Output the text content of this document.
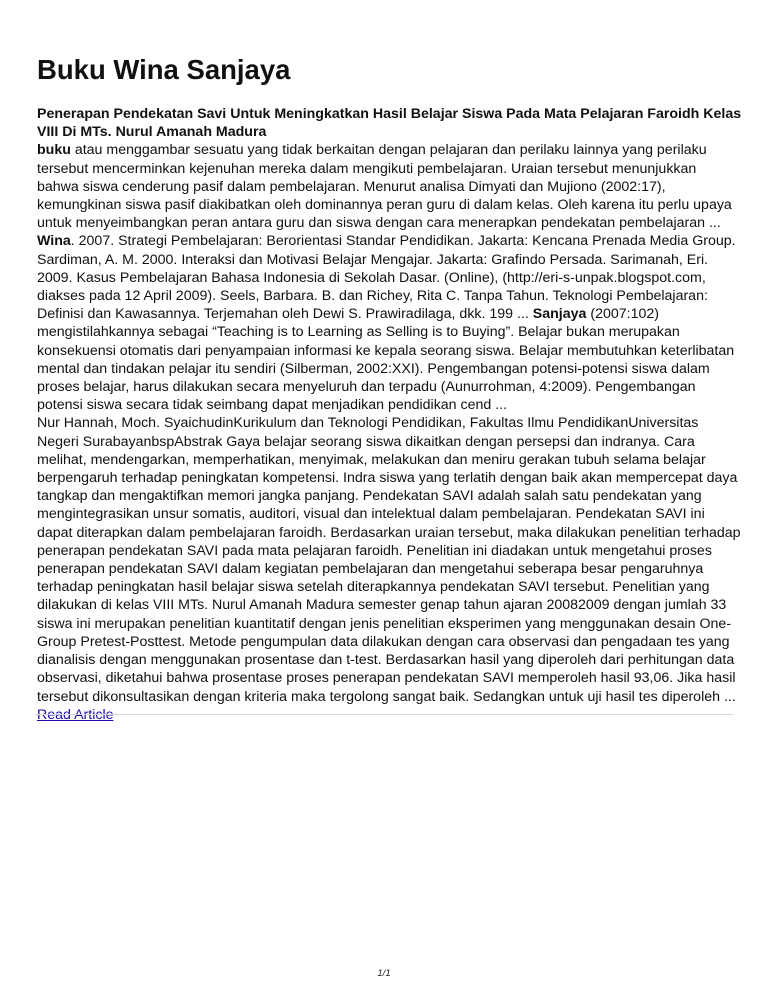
Buku Wina Sanjaya
Penerapan Pendekatan Savi Untuk Meningkatkan Hasil Belajar Siswa Pada Mata Pelajaran Faroidh Kelas VIII Di MTs. Nurul Amanah Madura

buku atau menggambar sesuatu yang tidak berkaitan dengan pelajaran dan perilaku lainnya yang perilaku tersebut mencerminkan kejenuhan mereka dalam mengikuti pembelajaran. Uraian tersebut menunjukkan bahwa siswa cenderung pasif dalam pembelajaran. Menurut analisa Dimyati dan Mujiono (2002:17), kemungkinan siswa pasif diakibatkan oleh dominannya peran guru di dalam kelas. Oleh karena itu perlu upaya untuk menyeimbangkan peran antara guru dan siswa dengan cara menerapkan pendekatan pembelajaran ... Wina. 2007. Strategi Pembelajaran: Berorientasi Standar Pendidikan. Jakarta: Kencana Prenada Media Group. Sardiman, A. M. 2000. Interaksi dan Motivasi Belajar Mengajar. Jakarta: Grafindo Persada. Sarimanah, Eri. 2009. Kasus Pembelajaran Bahasa Indonesia di Sekolah Dasar. (Online), (http://eri-s-unpak.blogspot.com, diakses pada 12 April 2009). Seels, Barbara. B. dan Richey, Rita C. Tanpa Tahun. Teknologi Pembelajaran: Definisi dan Kawasannya. Terjemahan oleh Dewi S. Prawiradilaga, dkk. 199 ... Sanjaya (2007:102) mengistilahkannya sebagai “Teaching is to Learning as Selling is to Buying”. Belajar bukan merupakan konsekuensi otomatis dari penyampaian informasi ke kepala seorang siswa. Belajar membutuhkan keterlibatan mental dan tindakan pelajar itu sendiri (Silberman, 2002:XXI). Pengembangan potensi-potensi siswa dalam proses belajar, harus dilakukan secara menyeluruh dan terpadu (Aunurrohman, 4:2009). Pengembangan potensi siswa secara tidak seimbang dapat menjadikan pendidikan cend ...

Nur Hannah, Moch. SyaichudinKurikulum dan Teknologi Pendidikan, Fakultas Ilmu PendidikanUniversitas Negeri SurabayanbspAbstrak Gaya belajar seorang siswa dikaitkan dengan persepsi dan indranya. Cara melihat, mendengarkan, memperhatikan, menyimak, melakukan dan meniru gerakan tubuh selama belajar berpengaruh terhadap peningkatan kompetensi. Indra siswa yang terlatih dengan baik akan mempercepat daya tangkap dan mengaktifkan memori jangka panjang. Pendekatan SAVI adalah salah satu pendekatan yang mengintegrasikan unsur somatis, auditori, visual dan intelektual dalam pembelajaran. Pendekatan SAVI ini dapat diterapkan dalam pembelajaran faroidh. Berdasarkan uraian tersebut, maka dilakukan penelitian terhadap penerapan pendekatan SAVI pada mata pelajaran faroidh. Penelitian ini diadakan untuk mengetahui proses penerapan pendekatan SAVI dalam kegiatan pembelajaran dan mengetahui seberapa besar pengaruhnya terhadap peningkatan hasil belajar siswa setelah diterapkannya pendekatan SAVI tersebut. Penelitian yang dilakukan di kelas VIII MTs. Nurul Amanah Madura semester genap tahun ajaran 20082009 dengan jumlah 33 siswa ini merupakan penelitian kuantitatif dengan jenis penelitian eksperimen yang menggunakan desain One-Group Pretest-Posttest. Metode pengumpulan data dilakukan dengan cara observasi dan pengadaan tes yang dianalisis dengan menggunakan prosentase dan t-test. Berdasarkan hasil yang diperoleh dari perhitungan data observasi, diketahui bahwa prosentase proses penerapan pendekatan SAVI memperoleh hasil 93,06. Jika hasil tersebut dikonsultasikan dengan kriteria maka tergolong sangat baik. Sedangkan untuk uji hasil tes diperoleh ...

Read Article
1/1
